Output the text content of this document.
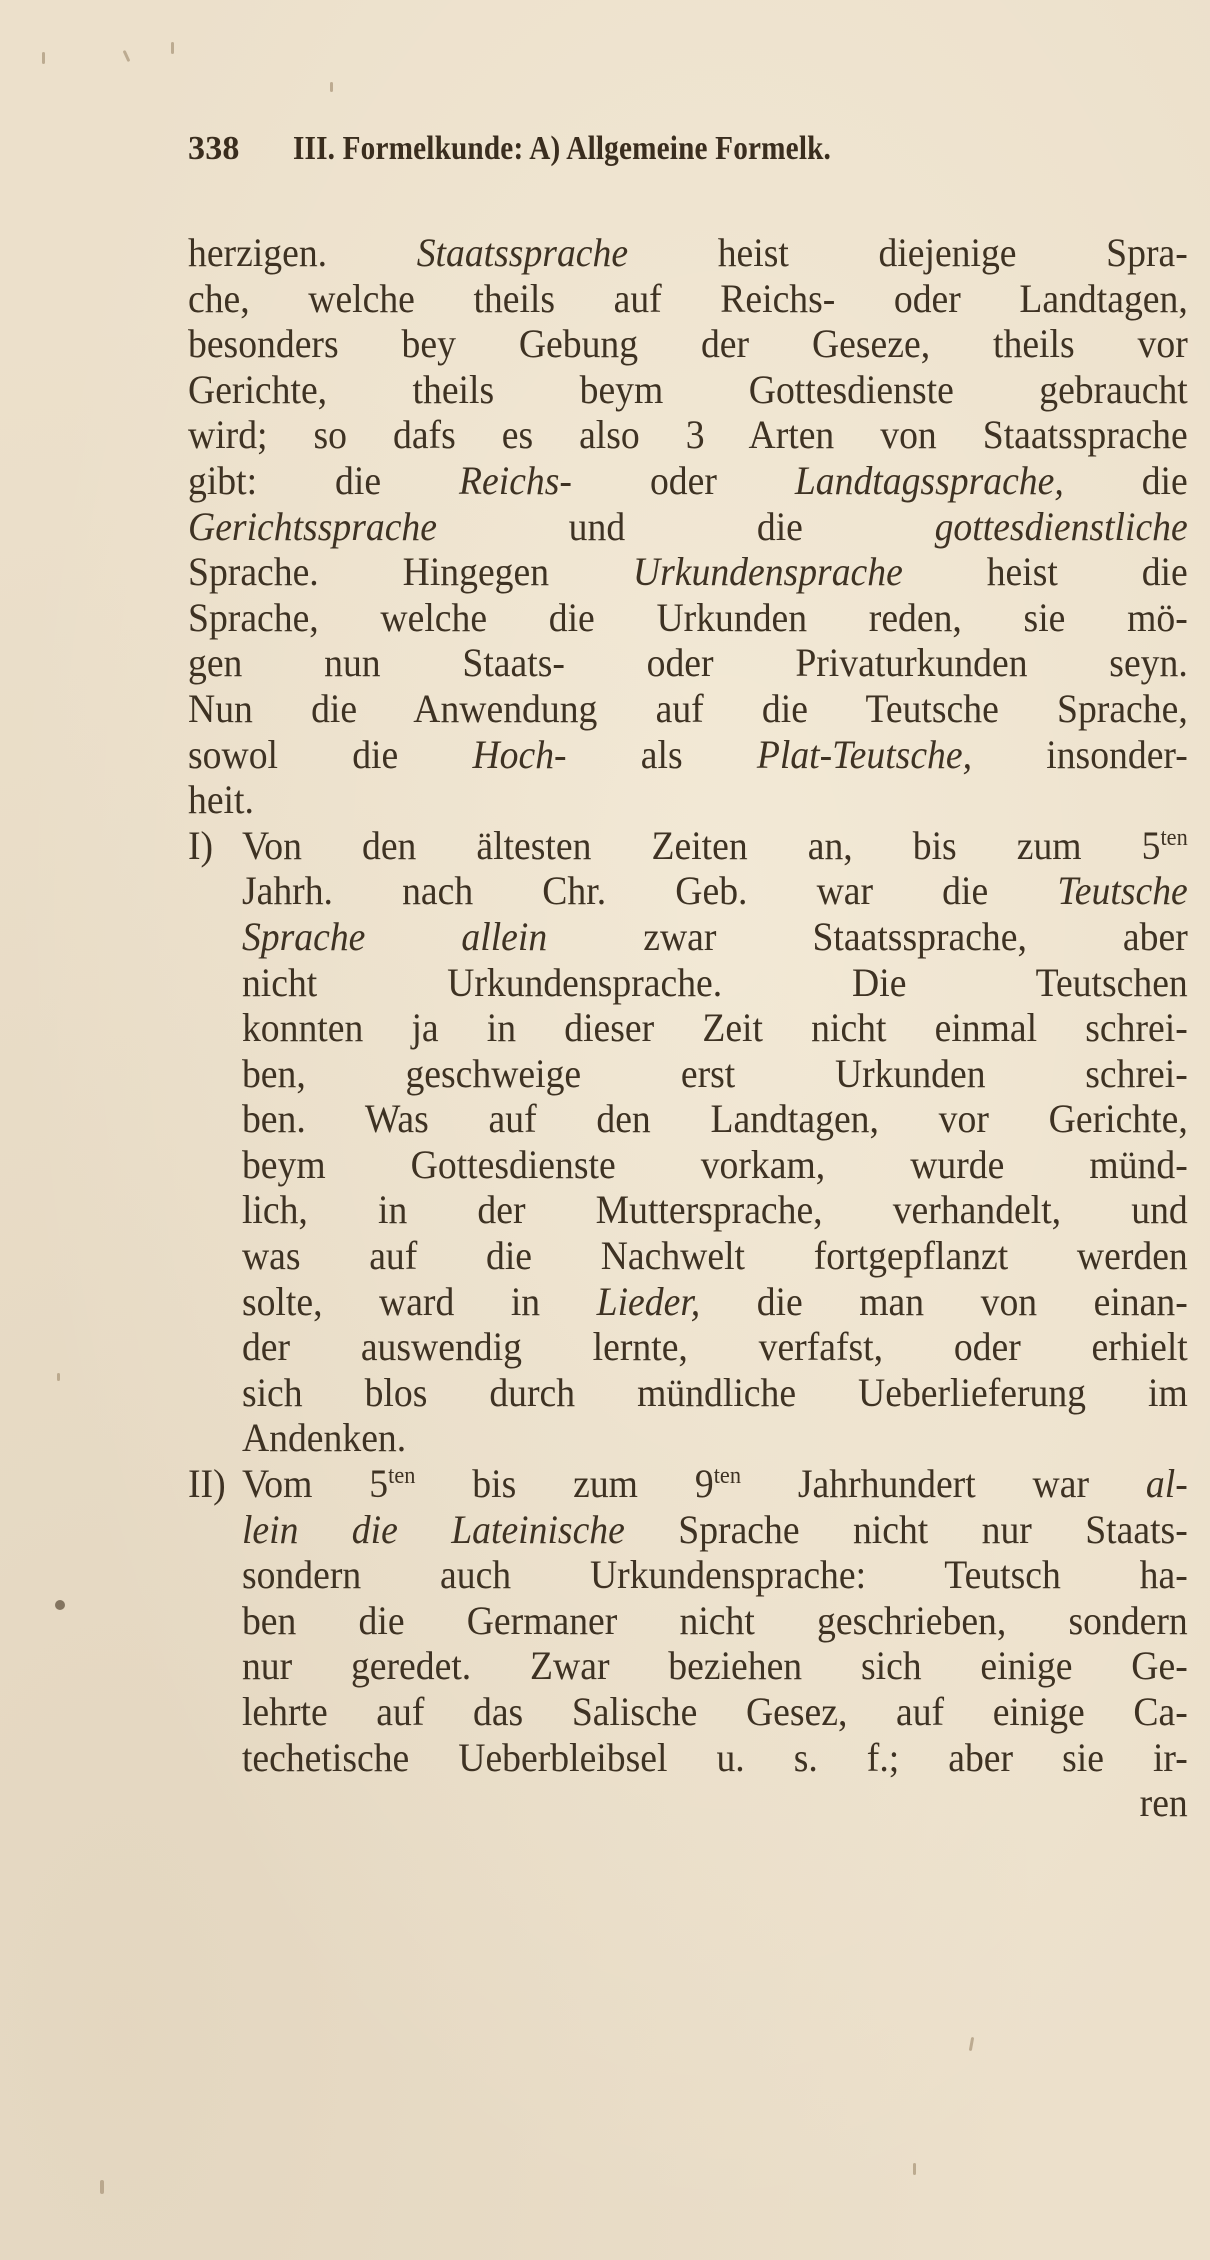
338	III. Formelkunde: A) Allgemeine Formelk.
herzigen. Staatssprache heist diejenige Spra-
che, welche theils auf Reichs- oder Landtagen,
besonders bey Gebung der Geseze, theils vor
Gerichte, theils beym Gottesdienste gebraucht
wird; so dafs es also 3 Arten von Staatssprache
gibt: die Reichs- oder Landtagssprache, die
Gerichtssprache und die gottesdienstliche
Sprache. Hingegen Urkundensprache heist die
Sprache, welche die Urkunden reden, sie mö-
gen nun Staats- oder Privaturkunden seyn.
Nun die Anwendung auf die Teutsche Sprache,
sowol die Hoch- als Plat-Teutsche, insonder-
heit.
I) Von den ältesten Zeiten an, bis zum $5^{ten}$
Jahrh. nach Chr. Geb. war die Teutsche
Sprache allein zwar Staatssprache, aber
nicht Urkundensprache. Die Teutschen
konnten ja in dieser Zeit nicht einmal schrei-
ben, geschweige erst Urkunden schrei-
ben. Was auf den Landtagen, vor Gerichte,
beym Gottesdienste vorkam, wurde münd-
lich, in der Muttersprache, verhandelt, und
was auf die Nachwelt fortgepflanzt werden
solte, ward in Lieder, die man von einan-
der auswendig lernte, verfafst, oder erhielt
sich blos durch mündliche Ueberlieferung im
Andenken.
II) Vom $5^{ten}$ bis zum $9^{ten}$ Jahrhundert war al-
lein die Lateinische Sprache nicht nur Staats-
sondern auch Urkundensprache: Teutsch ha-
ben die Germaner nicht geschrieben, sondern
nur geredet. Zwar beziehen sich einige Ge-
lehrte auf das Salische Gesez, auf einige Ca-
techetische Ueberbleibsel u. s. f.; aber sie ir-
ren
